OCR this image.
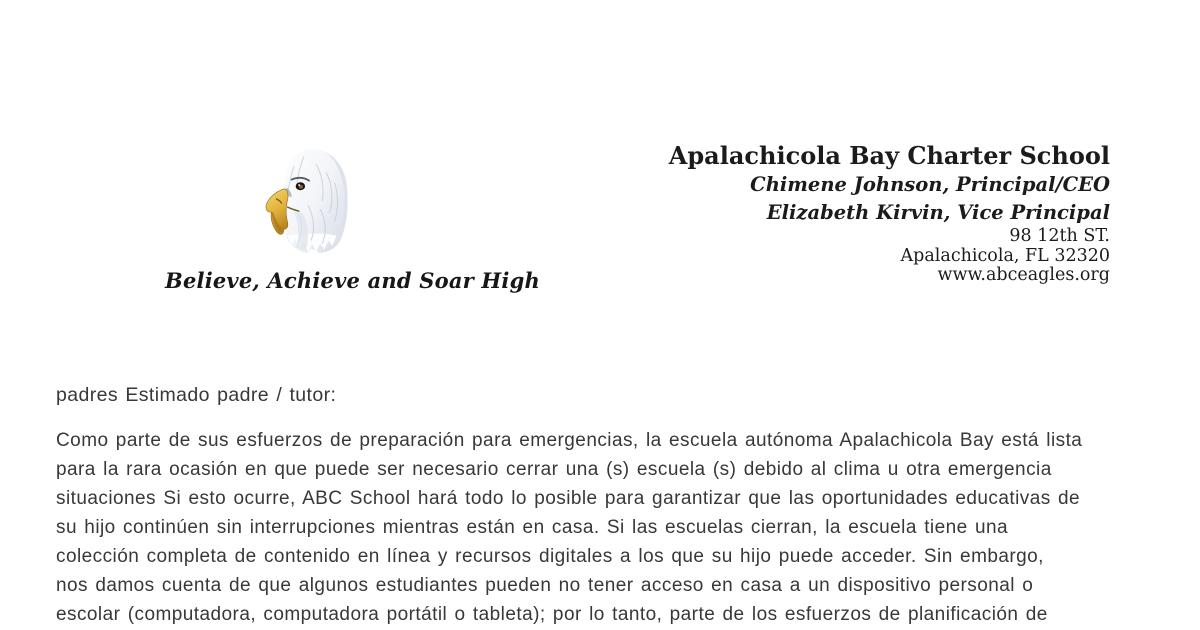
Believe, Achieve and Soar High
Apalachicola Bay Charter School
Chimene Johnson, Principal/CEO
Elizabeth Kirvin, Vice Principal
98 12th ST.
Apalachicola, FL 32320
www.abceagles.org

padres Estimado padre / tutor:

Como parte de sus esfuerzos de preparación para emergencias, la escuela autónoma Apalachicola Bay está lista
para la rara ocasión en que puede ser necesario cerrar una (s) escuela (s) debido al clima u otra emergencia
situaciones Si esto ocurre, ABC School hará todo lo posible para garantizar que las oportunidades educativas de
su hijo continúen sin interrupciones mientras están en casa. Si las escuelas cierran, la escuela tiene una
colección completa de contenido en línea y recursos digitales a los que su hijo puede acceder. Sin embargo,
nos damos cuenta de que algunos estudiantes pueden no tener acceso en casa a un dispositivo personal o
escolar (computadora, computadora portátil o tableta); por lo tanto, parte de los esfuerzos de planificación de
